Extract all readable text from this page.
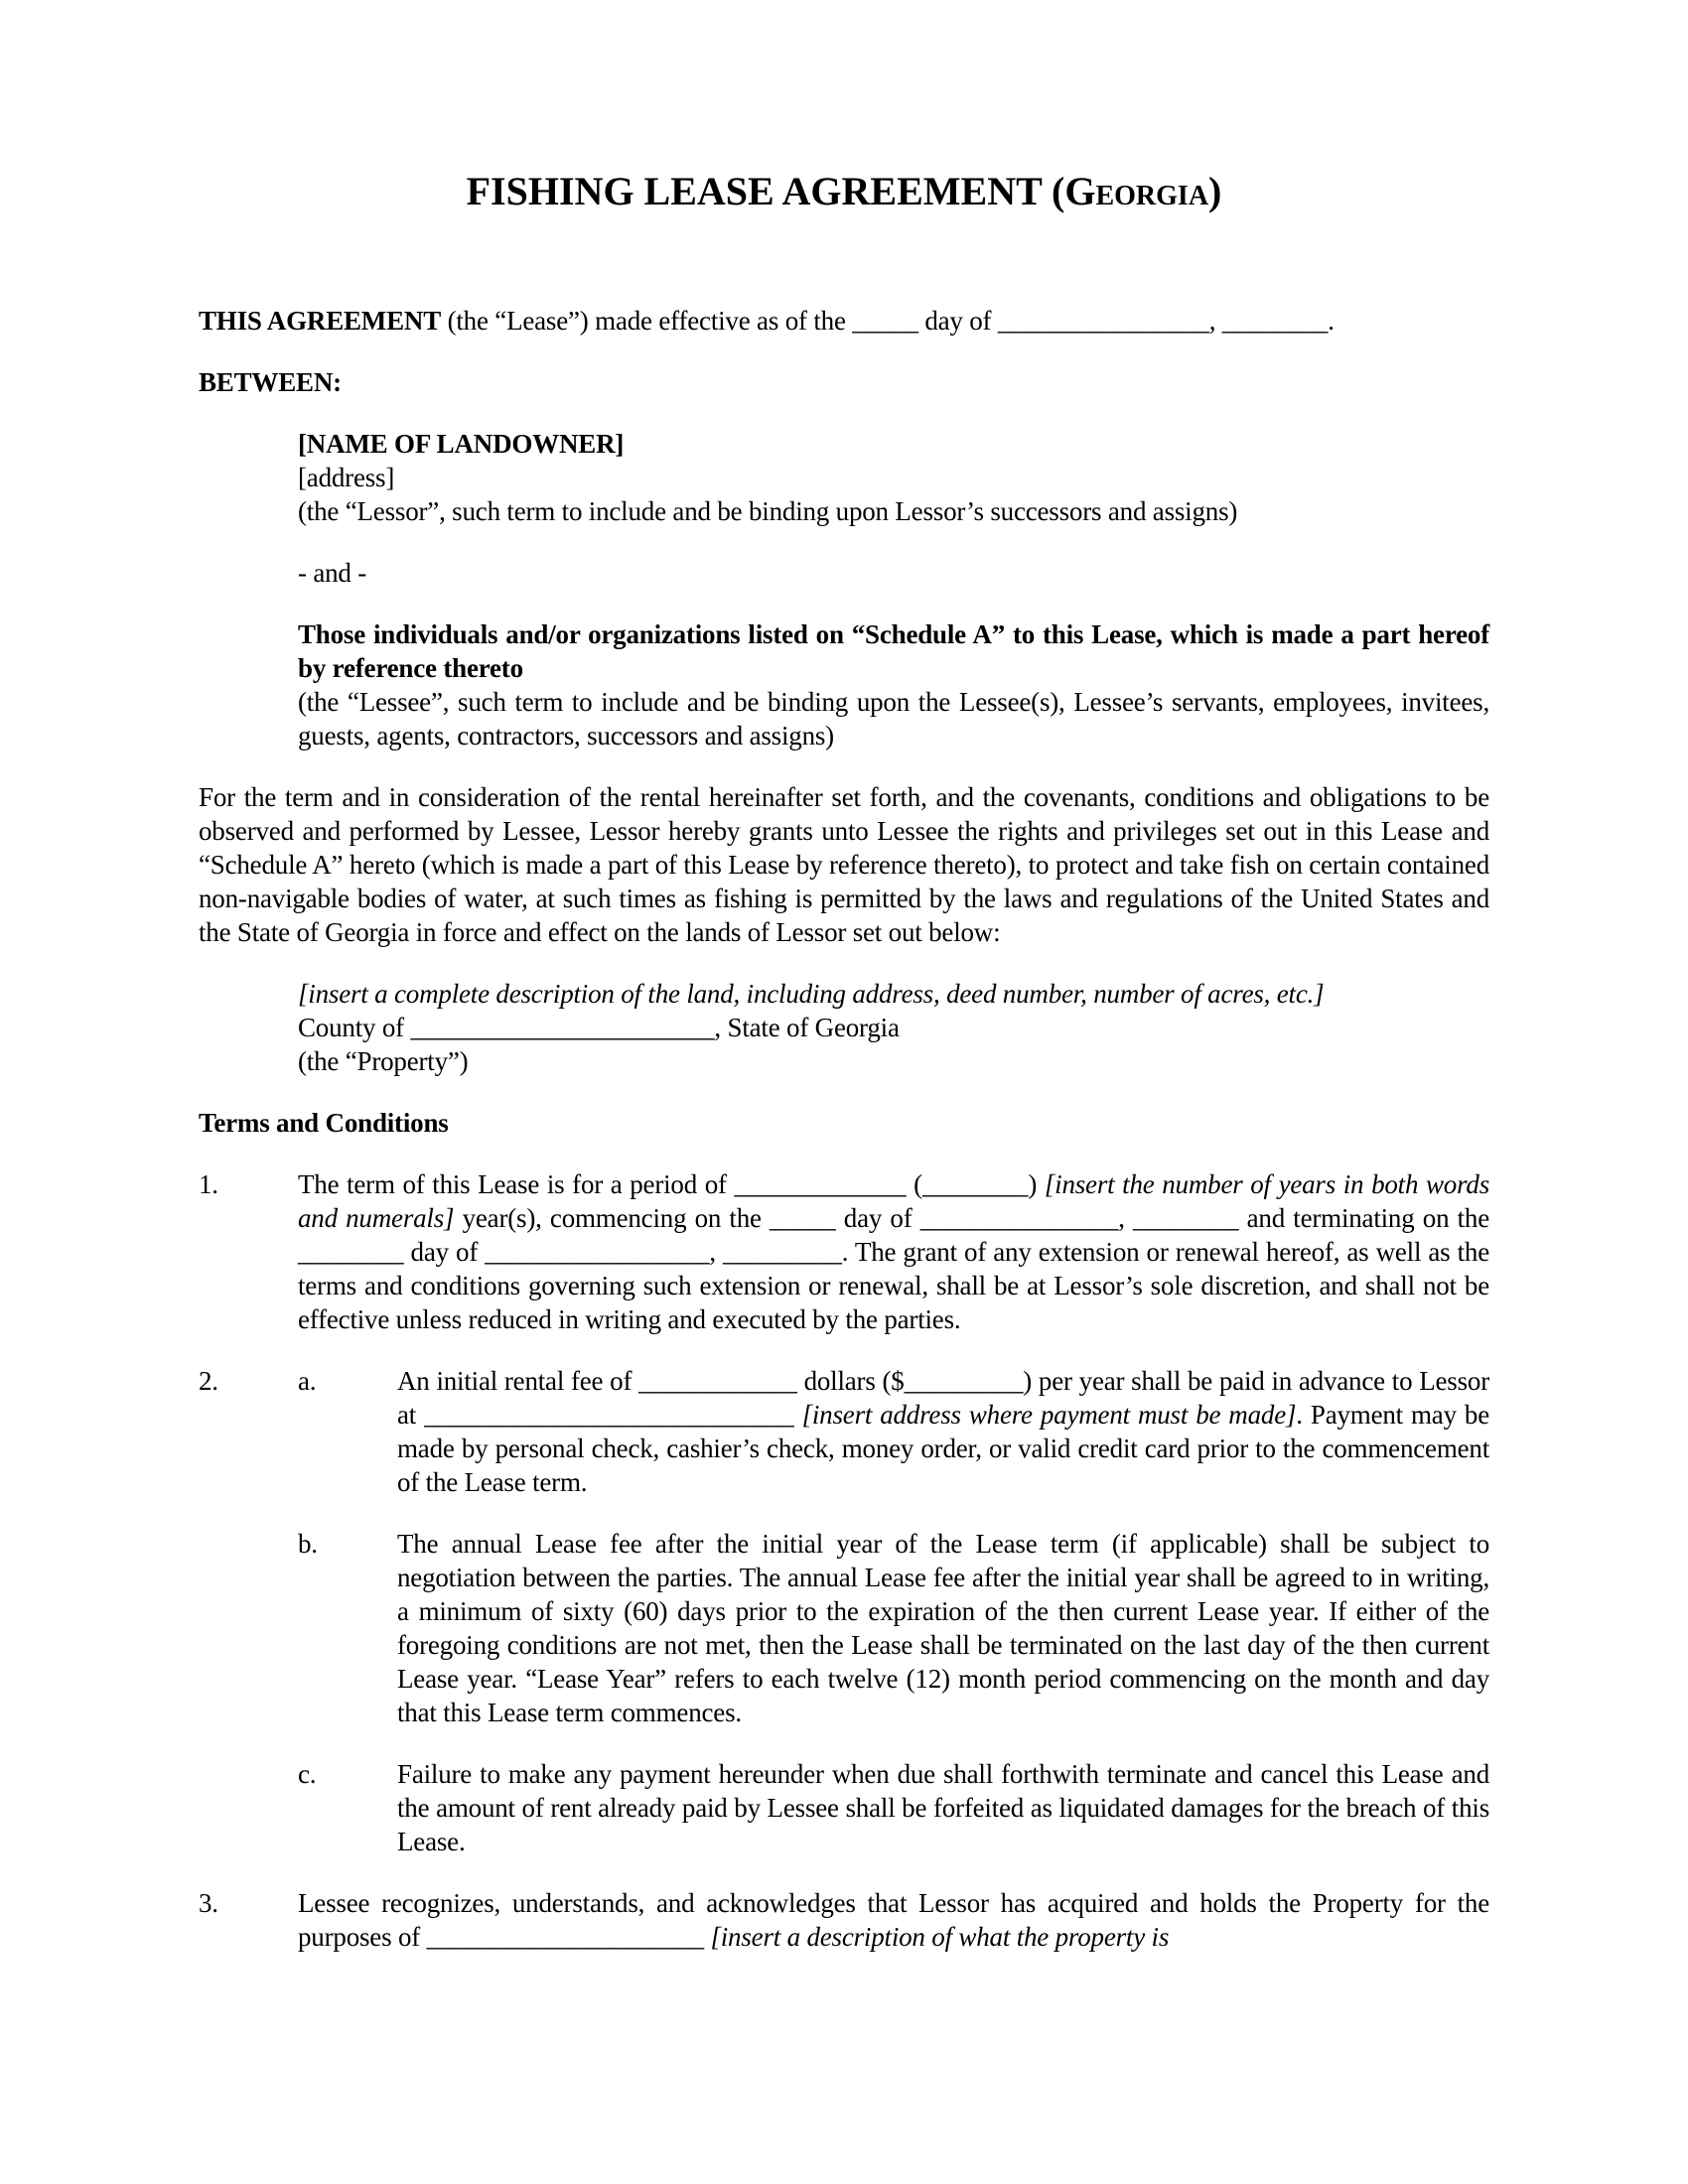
FISHING LEASE AGREEMENT (Georgia)

THIS AGREEMENT (the “Lease”) made effective as of the _____ day of ________________, ________.

BETWEEN:

[NAME OF LANDOWNER]

[address]

(the “Lessor”, such term to include and be binding upon Lessor’s successors and assigns)

- and -

Those individuals and/or organizations listed on “Schedule A” to this Lease, which is made a part hereof by reference thereto

(the “Lessee”, such term to include and be binding upon the Lessee(s), Lessee’s servants, employees, invitees, guests, agents, contractors, successors and assigns)

For the term and in consideration of the rental hereinafter set forth, and the covenants, conditions and obligations to be observed and performed by Lessee, Lessor hereby grants unto Lessee the rights and privileges set out in this Lease and “Schedule A” hereto (which is made a part of this Lease by reference thereto), to protect and take fish on certain contained non-navigable bodies of water, at such times as fishing is permitted by the laws and regulations of the United States and the State of Georgia in force and effect on the lands of Lessor set out below:

[insert a complete description of the land, including address, deed number, number of acres, etc.]

County of _______________________, State of Georgia

(the “Property”)

Terms and Conditions

1.	The term of this Lease is for a period of _____________ (________) [insert the number of years in both words and numerals] year(s), commencing on the _____ day of _______________, ________ and terminating on the ________ day of _________________, _________. The grant of any extension or renewal hereof, as well as the terms and conditions governing such extension or renewal, shall be at Lessor’s sole discretion, and shall not be effective unless reduced in writing and executed by the parties.
2.	a.	An initial rental fee of ____________ dollars ($_________) per year shall be paid in advance to Lessor at ____________________________ [insert address where payment must be made]. Payment may be made by personal check, cashier’s check, money order, or valid credit card prior to the commencement of the Lease term.
b.	The annual Lease fee after the initial year of the Lease term (if applicable) shall be subject to negotiation between the parties. The annual Lease fee after the initial year shall be agreed to in writing, a minimum of sixty (60) days prior to the expiration of the then current Lease year. If either of the foregoing conditions are not met, then the Lease shall be terminated on the last day of the then current Lease year. “Lease Year” refers to each twelve (12) month period commencing on the month and day that this Lease term commences.
c.	Failure to make any payment hereunder when due shall forthwith terminate and cancel this Lease and the amount of rent already paid by Lessee shall be forfeited as liquidated damages for the breach of this Lease.
3.	Lessee recognizes, understands, and acknowledges that Lessor has acquired and holds the Property for the purposes of _____________________ [insert a description of what the property is
